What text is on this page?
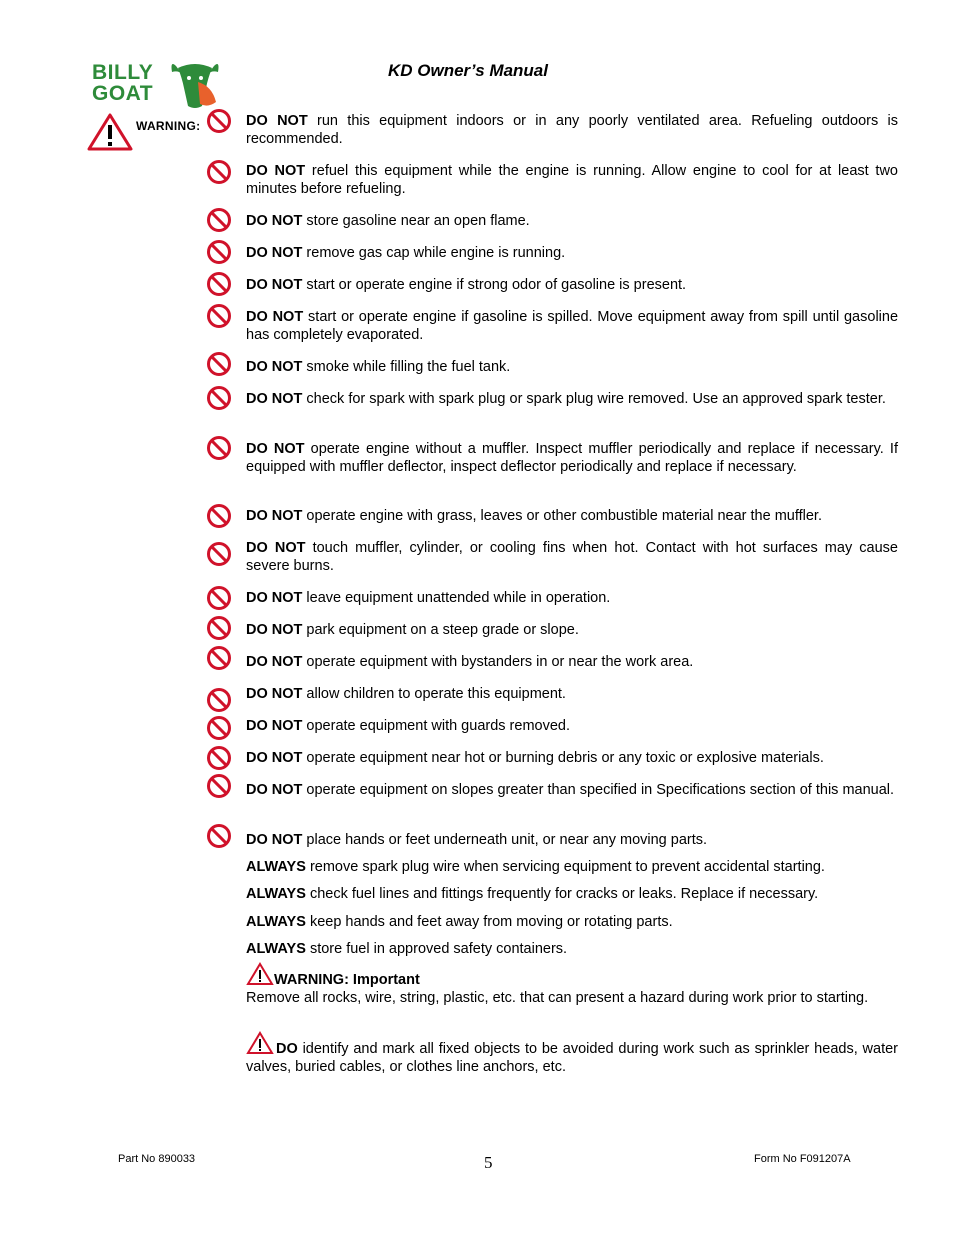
BILLY
GOAT
KD Owner’s Manual
WARNING:	DO NOT run this equipment indoors or in any poorly ventilated area. Refueling outdoors is recommended.
DO NOT refuel this equipment while the engine is running. Allow engine to cool for at least two minutes before refueling.
DO NOT store gasoline near an open flame.
DO NOT remove gas cap while engine is running.
DO NOT start or operate engine if strong odor of gasoline is present.
DO NOT start or operate engine if gasoline is spilled. Move equipment away from spill until gasoline has completely evaporated.
DO NOT smoke while filling the fuel tank.
DO NOT check for spark with spark plug or spark plug wire removed. Use an approved spark tester.
DO NOT operate engine without a muffler. Inspect muffler periodically and replace if necessary. If equipped with muffler deflector, inspect deflector periodically and replace if necessary.
DO NOT operate engine with grass, leaves or other combustible material near the muffler.
DO NOT touch muffler, cylinder, or cooling fins when hot. Contact with hot surfaces may cause severe burns.
DO NOT leave equipment unattended while in operation.
DO NOT park equipment on a steep grade or slope.
DO NOT operate equipment with bystanders in or near the work area.
DO NOT allow children to operate this equipment.
DO NOT operate equipment with guards removed.
DO NOT operate equipment near hot or burning debris or any toxic or explosive materials.
DO NOT operate equipment on slopes greater than specified in Specifications section of this manual.
DO NOT place hands or feet underneath unit, or near any moving parts.
ALWAYS remove spark plug wire when servicing equipment to prevent accidental starting.
ALWAYS check fuel lines and fittings frequently for cracks or leaks. Replace if necessary.
ALWAYS keep hands and feet away from moving or rotating parts.
ALWAYS store fuel in approved safety containers.
WARNING: Important

Remove all rocks, wire, string, plastic, etc. that can present a hazard during work prior to starting.
DO identify and mark all fixed objects to be avoided during work such as sprinkler heads, water valves, buried cables, or clothes line anchors, etc.
Part No 890033	5	Form No F091207A
